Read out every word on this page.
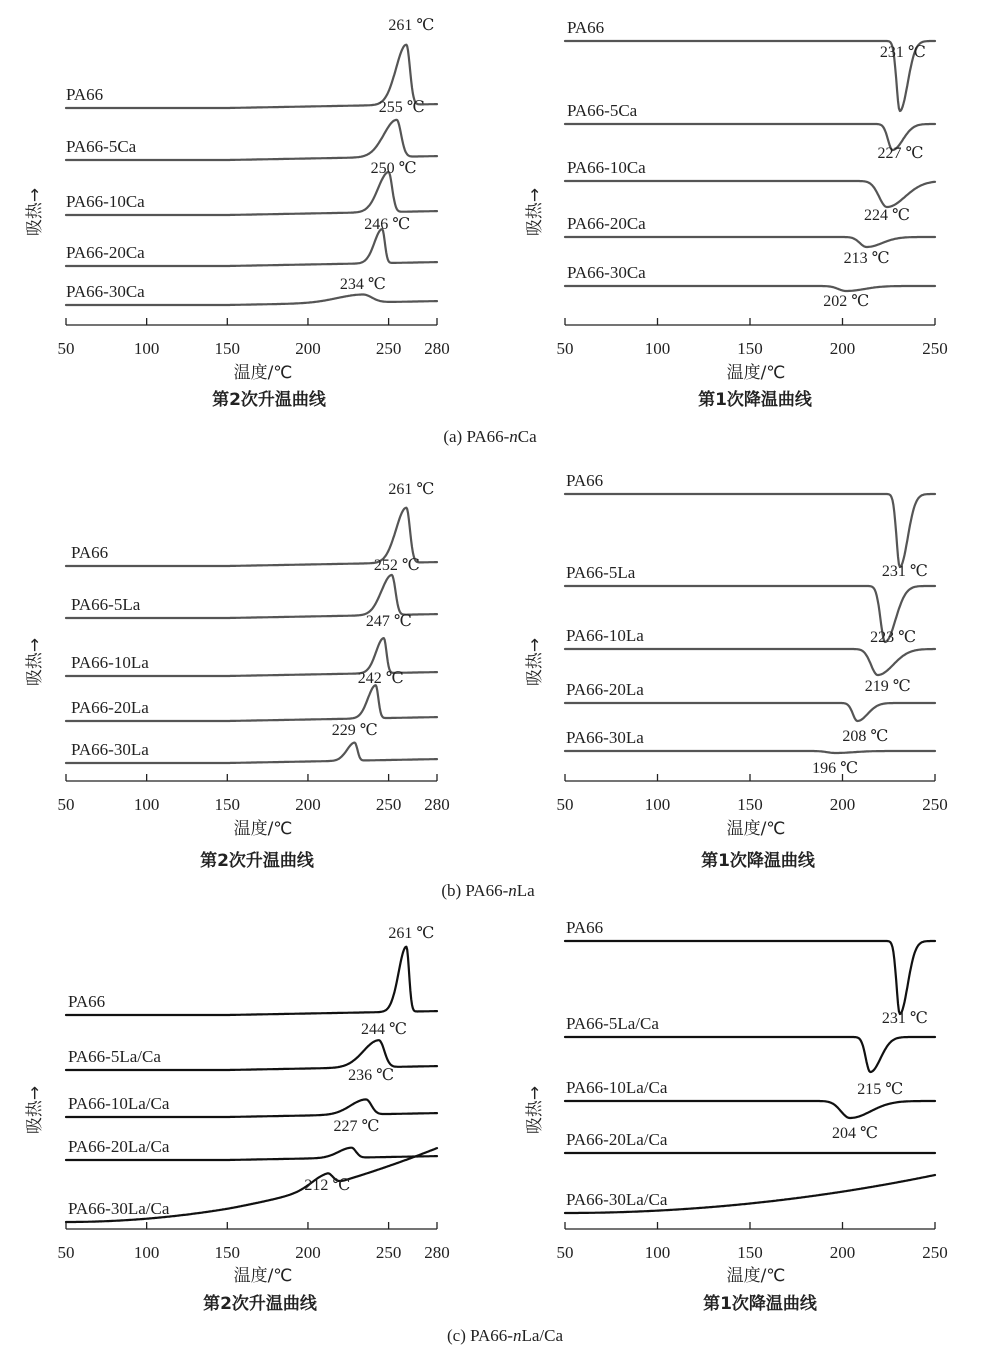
(a) PA66-nCa
(b) PA66-nLa
(c) PA66-nLa/Ca
50	100	150	200	250 280
温度/℃
第2次升温曲线
吸热→
PA66
261 ℃
PA66-5Ca
255 ℃
PA66-10Ca
250 ℃
PA66-20Ca
246 ℃
PA66-30Ca	234 ℃
50	100	150	200	250
温度/℃
第1次降温曲线
吸热→
PA66
231 ℃
PA66-5Ca
227 ℃
PA66-10Ca
224 ℃
PA66-20Ca
213 ℃
PA66-30Ca
202 ℃
50	100	150	200	250 280
温度/℃
第2次升温曲线
吸热→
PA66
261 ℃
PA66-5La
252 ℃
PA66-10La
247 ℃
PA66-20La
242 ℃
PA66-30La
229 ℃
50	100	150	200	250
温度/℃
第1次降温曲线
吸热→
PA66
231 ℃
PA66-5La
223 ℃
PA66-10La
219 ℃
PA66-20La
208 ℃
PA66-30La
196 ℃
50	100	150	200	250 280
温度/℃
第2次升温曲线
吸热→
PA66
261 ℃
PA66-5La/Ca
244 ℃
PA66-10La/Ca
236 ℃
PA66-20La/Ca
227 ℃
PA66-30La/Ca
212 ℃
50	100	150	200	250
温度/℃
第1次降温曲线
吸热→
PA66
231 ℃
PA66-5La/Ca
215 ℃
PA66-10La/Ca
204 ℃
PA66-20La/Ca
PA66-30La/Ca
